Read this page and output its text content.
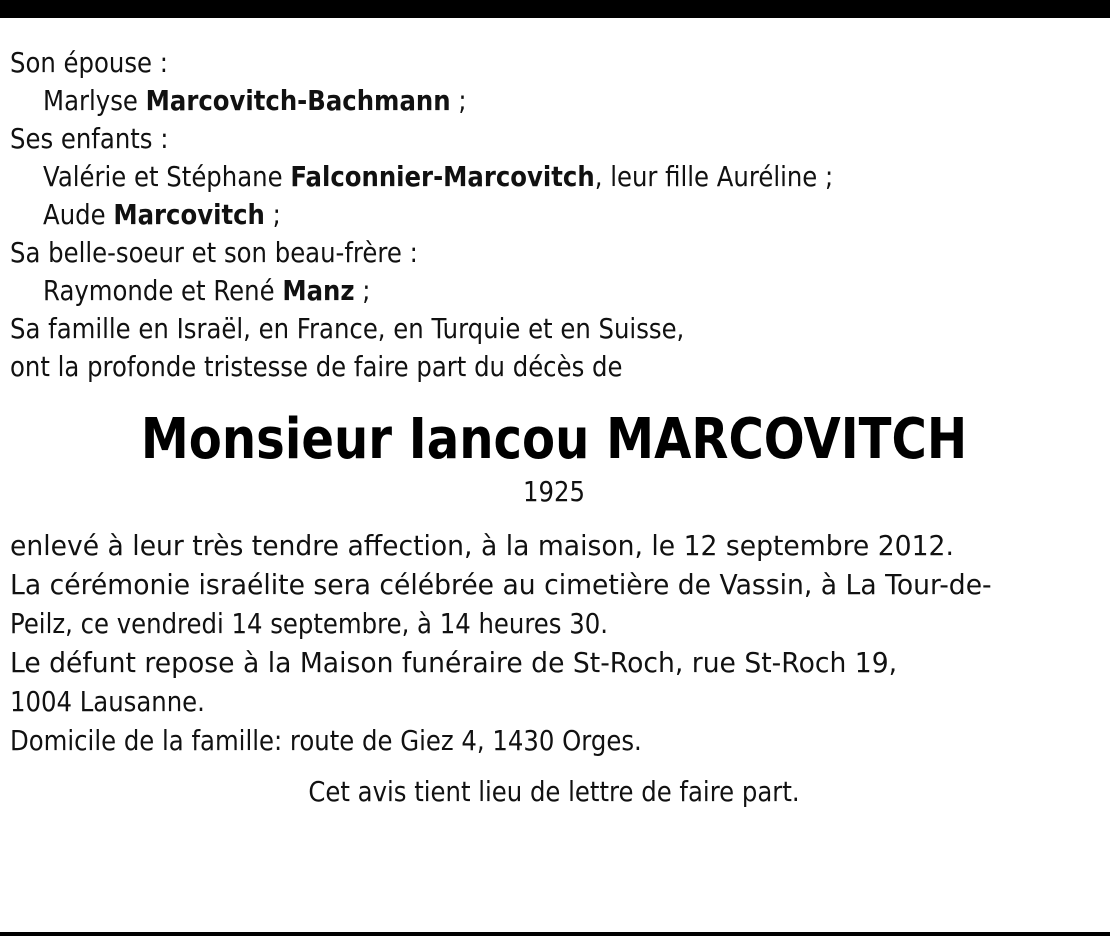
Son épouse :
Marlyse Marcovitch-Bachmann ;
Ses enfants :
Valérie et Stéphane Falconnier-Marcovitch, leur fille Auréline ;
Aude Marcovitch ;
Sa belle-soeur et son beau-frère :
Raymonde et René Manz ;
Sa famille en Israël, en France, en Turquie et en Suisse,
ont la profonde tristesse de faire part du décès de
Monsieur Iancou MARCOVITCH
1925
enlevé à leur très tendre affection, à la maison, le 12 septembre 2012.
La cérémonie israélite sera célébrée au cimetière de Vassin, à La Tour-de-
Peilz, ce vendredi 14 septembre, à 14 heures 30.
Le défunt repose à la Maison funéraire de St-Roch, rue St-Roch 19,
1004 Lausanne.
Domicile de la famille: route de Giez 4, 1430 Orges.
Cet avis tient lieu de lettre de faire part.
